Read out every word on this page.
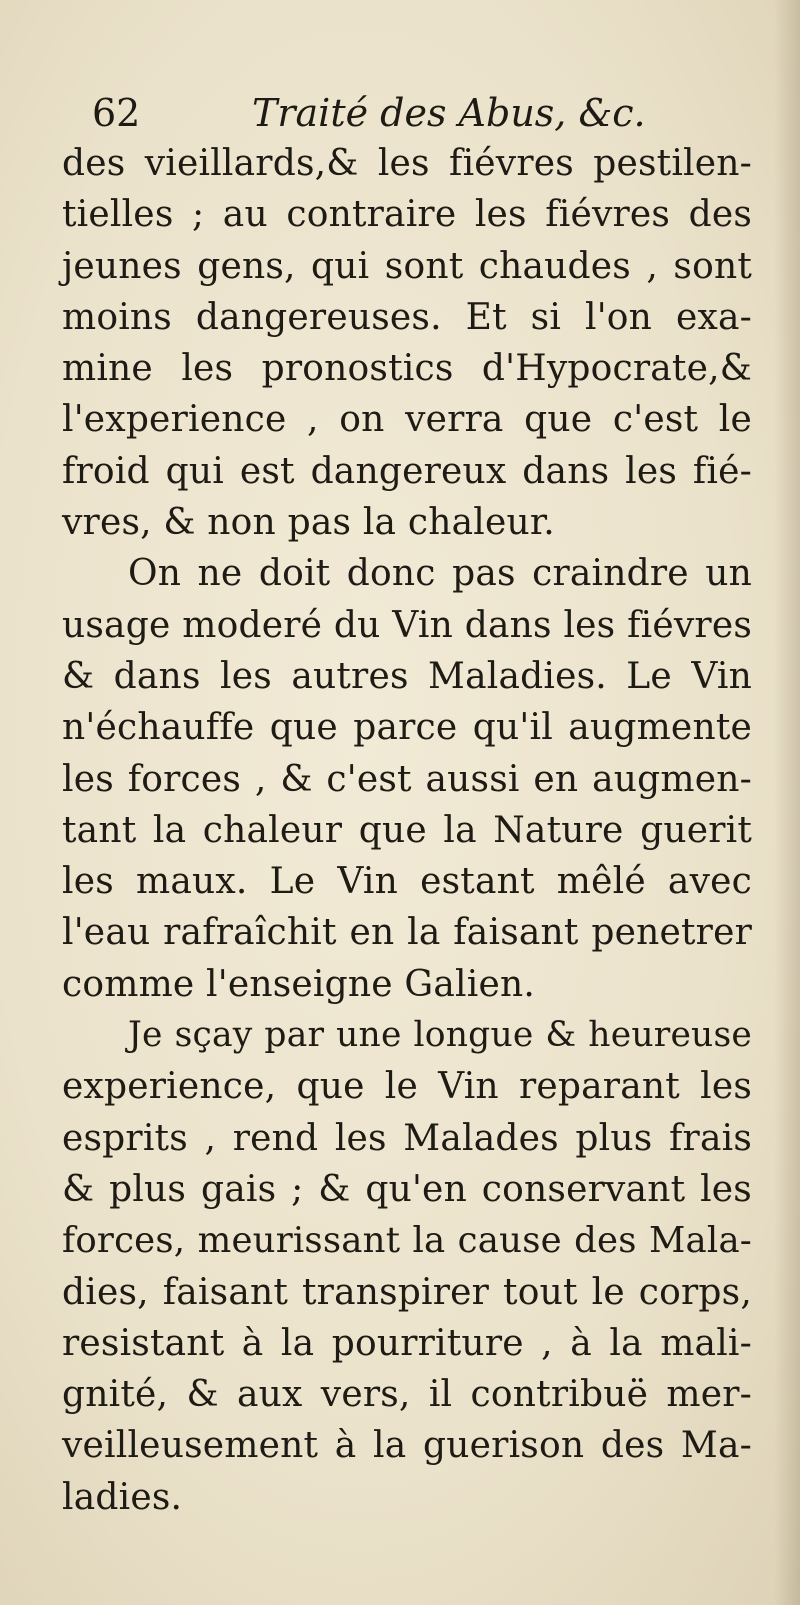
62	Traité des Abus, &c.
des vieillards,& les fiévres pestilen-
tielles ; au contraire les fiévres des
jeunes gens, qui sont chaudes , sont
moins dangereuses. Et si l'on exa-
mine les pronostics d'Hypocrate,&
l'experience , on verra que c'est le
froid qui est dangereux dans les fié-
vres, & non pas la chaleur.
On ne doit donc pas craindre un
usage moderé du Vin dans les fiévres
& dans les autres Maladies. Le Vin
n'échauffe que parce qu'il augmente
les forces , & c'est aussi en augmen-
tant la chaleur que la Nature guerit
les maux. Le Vin estant mêlé avec
l'eau rafraîchit en la faisant penetrer
comme l'enseigne Galien.
Je sçay par une longue & heureuse
experience, que le Vin reparant les
esprits , rend les Malades plus frais
& plus gais ; & qu'en conservant les
forces, meurissant la cause des Mala-
dies, faisant transpirer tout le corps,
resistant à la pourriture , à la mali-
gnité, & aux vers, il contribuë mer-
veilleusement à la guerison des Ma-
ladies.
